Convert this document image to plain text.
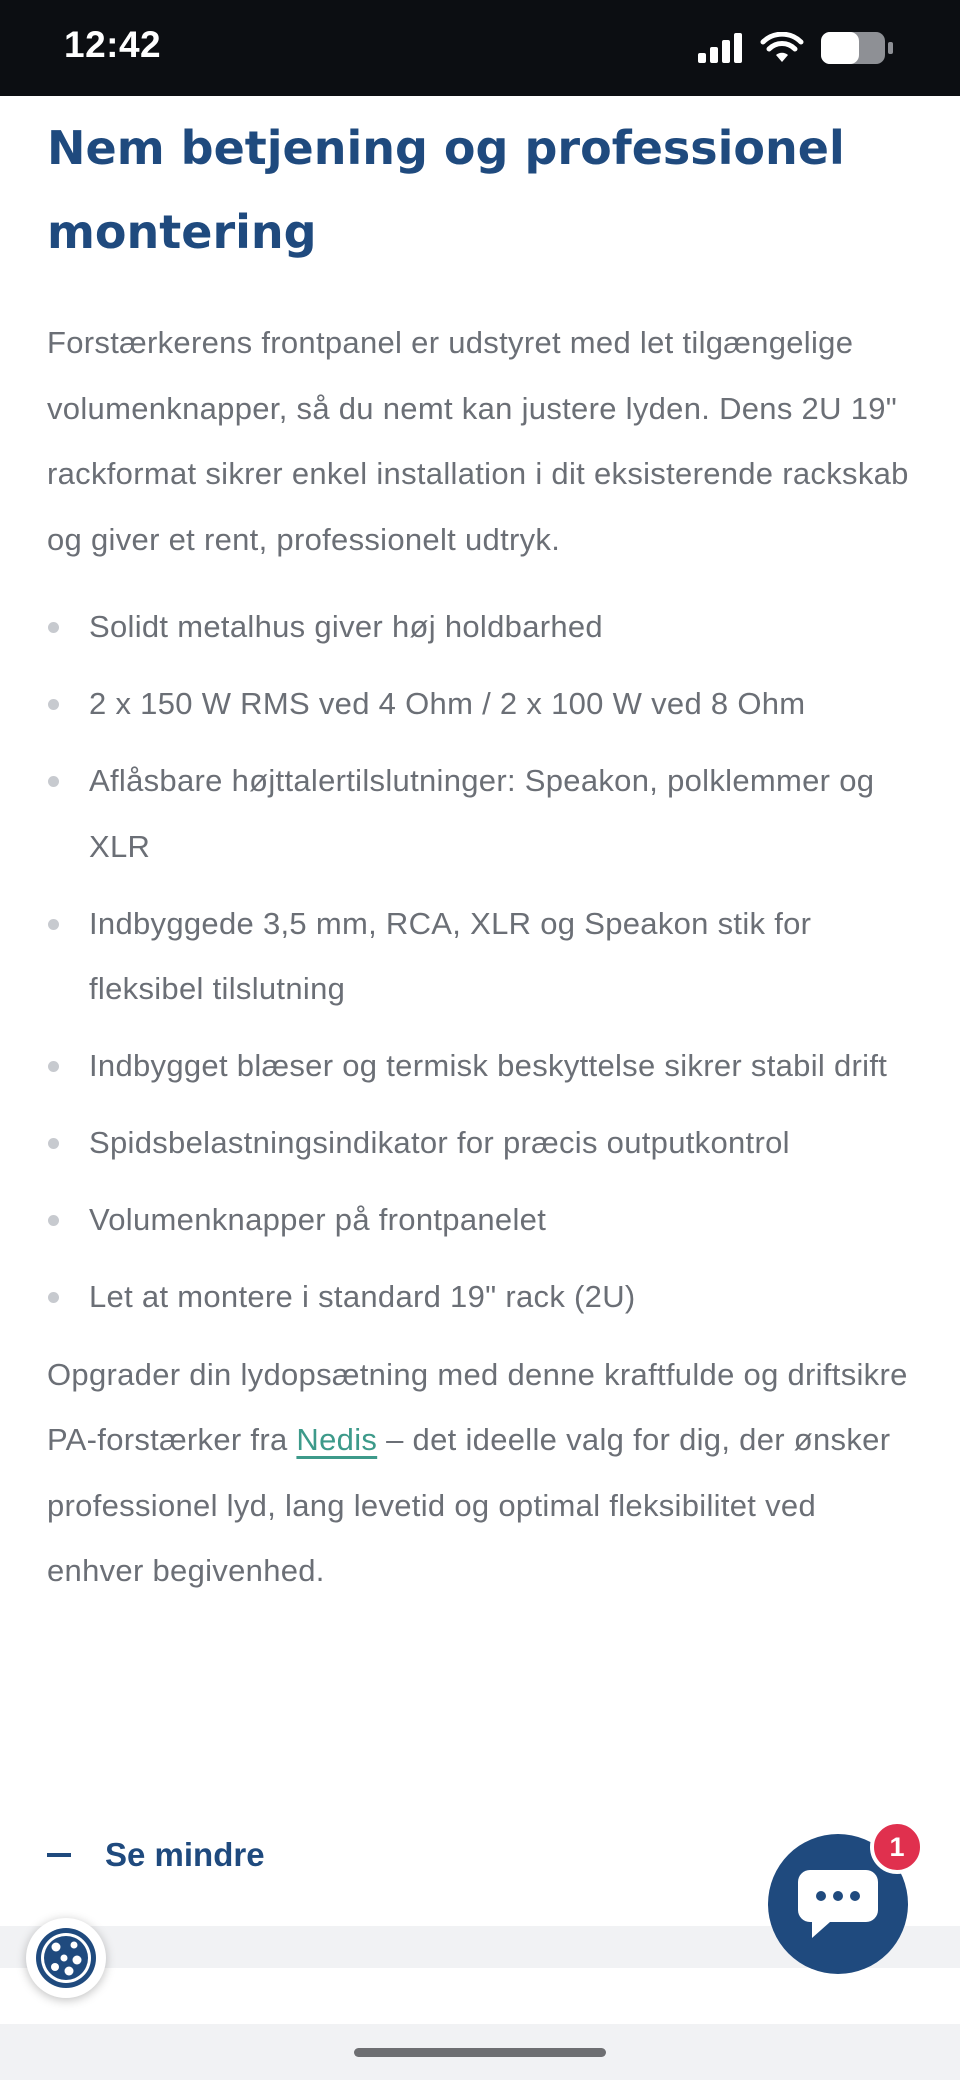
12:42
Nem betjening og professionel montering

Forstærkerens frontpanel er udstyret med let tilgængelige volumenknapper, så du nemt kan justere lyden. Dens 2U 19" rackformat sikrer enkel installation i dit eksisterende rackskab og giver et rent, professionelt udtryk.

Solidt metalhus giver høj holdbarhed
2 x 150 W RMS ved 4 Ohm / 2 x 100 W ved 8 Ohm
Aflåsbare højttalertilslutninger: Speakon, polklemmer og XLR
Indbyggede 3,5 mm, RCA, XLR og Speakon stik for fleksibel tilslutning
Indbygget blæser og termisk beskyttelse sikrer stabil drift
Spidsbelastningsindikator for præcis outputkontrol
Volumenknapper på frontpanelet
Let at montere i standard 19" rack (2U)

Opgrader din lydopsætning med denne kraftfulde og driftsikre PA-forstærker fra Nedis – det ideelle valg for dig, der ønsker professionel lyd, lang levetid og optimal fleksibilitet ved enhver begivenhed.

Se mindre	1
